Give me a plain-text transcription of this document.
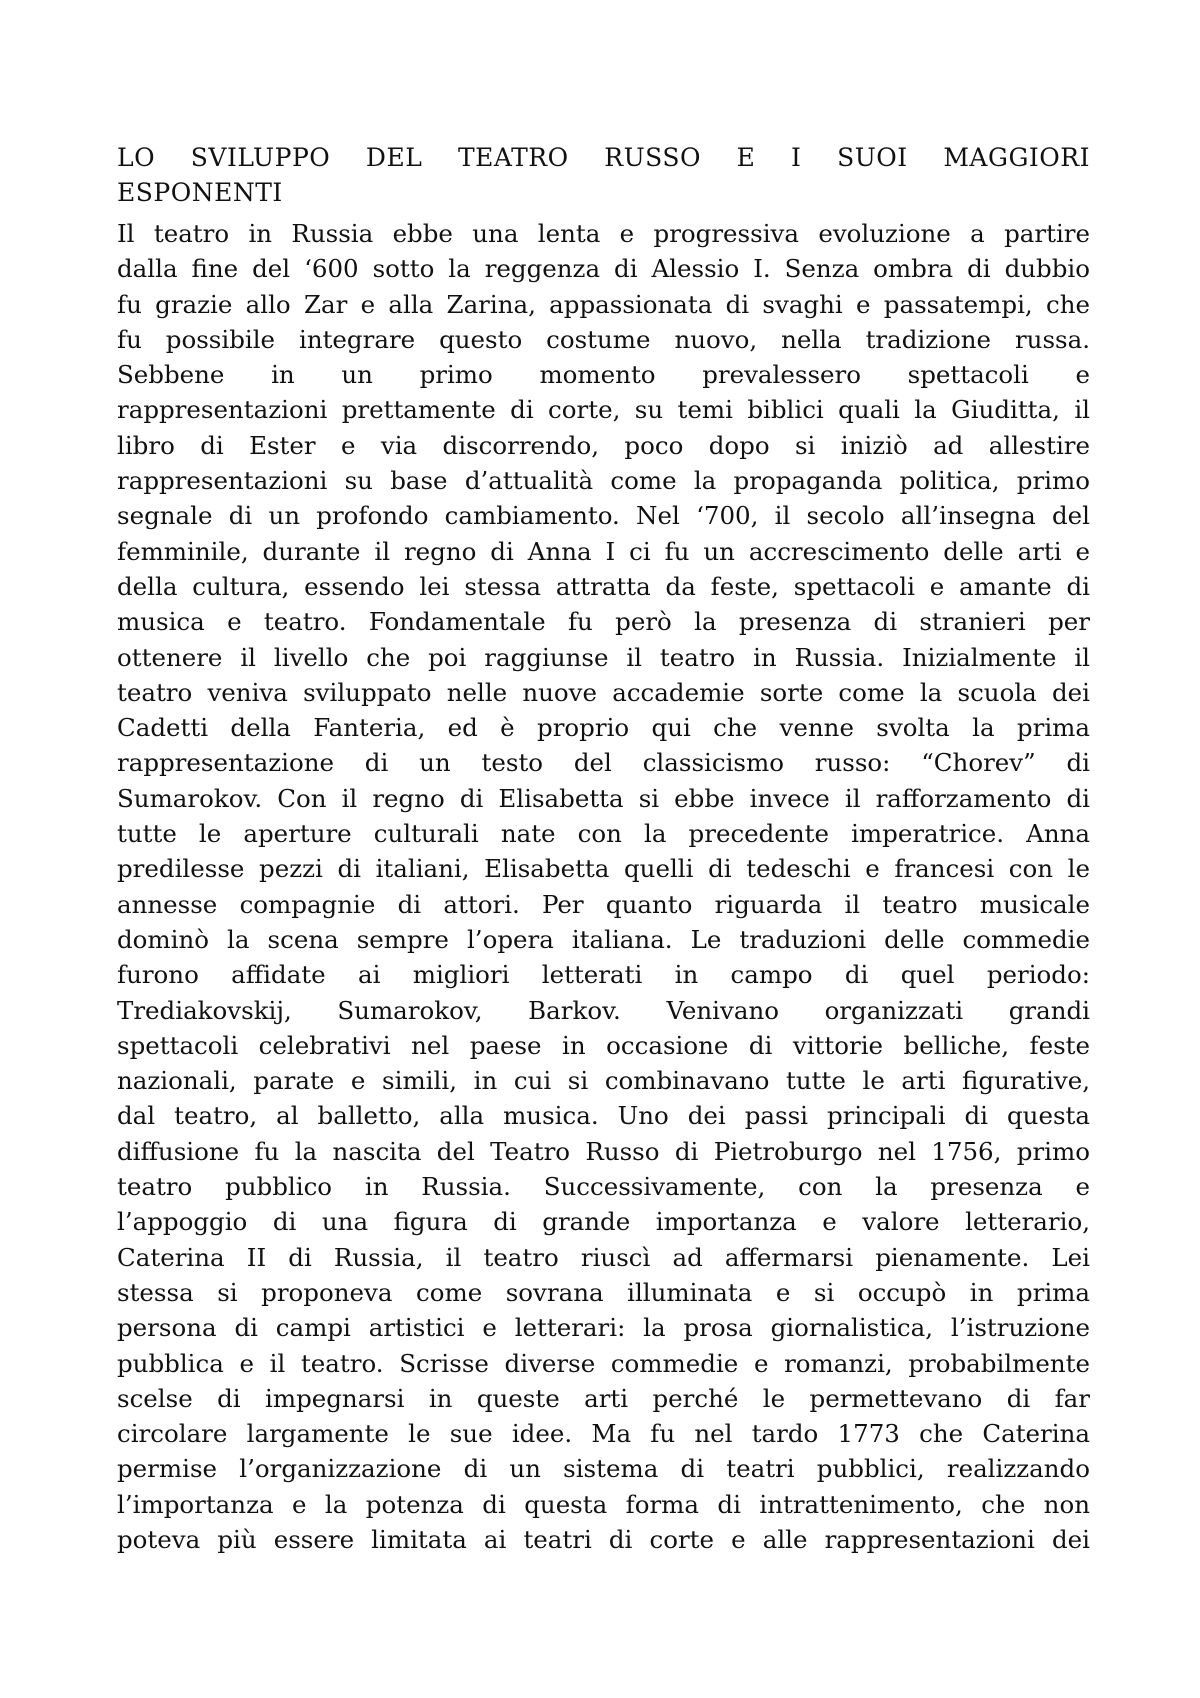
LO SVILUPPO DEL TEATRO RUSSO E I SUOI MAGGIORI
ESPONENTI

Il teatro in Russia ebbe una lenta e progressiva evoluzione a partire
dalla fine del ‘600 sotto la reggenza di Alessio I. Senza ombra di dubbio
fu grazie allo Zar e alla Zarina, appassionata di svaghi e passatempi, che
fu possibile integrare questo costume nuovo, nella tradizione russa.
Sebbene in un primo momento prevalessero spettacoli e
rappresentazioni prettamente di corte, su temi biblici quali la Giuditta, il
libro di Ester e via discorrendo, poco dopo si iniziò ad allestire
rappresentazioni su base d’attualità come la propaganda politica, primo
segnale di un profondo cambiamento. Nel ‘700, il secolo all’insegna del
femminile, durante il regno di Anna I ci fu un accrescimento delle arti e
della cultura, essendo lei stessa attratta da feste, spettacoli e amante di
musica e teatro. Fondamentale fu però la presenza di stranieri per
ottenere il livello che poi raggiunse il teatro in Russia. Inizialmente il
teatro veniva sviluppato nelle nuove accademie sorte come la scuola dei
Cadetti della Fanteria, ed è proprio qui che venne svolta la prima
rappresentazione di un testo del classicismo russo: “Chorev” di
Sumarokov. Con il regno di Elisabetta si ebbe invece il rafforzamento di
tutte le aperture culturali nate con la precedente imperatrice. Anna
predilesse pezzi di italiani, Elisabetta quelli di tedeschi e francesi con le
annesse compagnie di attori. Per quanto riguarda il teatro musicale
dominò la scena sempre l’opera italiana. Le traduzioni delle commedie
furono affidate ai migliori letterati in campo di quel periodo:
Trediakovskij, Sumarokov, Barkov. Venivano organizzati grandi
spettacoli celebrativi nel paese in occasione di vittorie belliche, feste
nazionali, parate e simili, in cui si combinavano tutte le arti figurative,
dal teatro, al balletto, alla musica. Uno dei passi principali di questa
diffusione fu la nascita del Teatro Russo di Pietroburgo nel 1756, primo
teatro pubblico in Russia. Successivamente, con la presenza e
l’appoggio di una figura di grande importanza e valore letterario,
Caterina II di Russia, il teatro riuscì ad affermarsi pienamente. Lei
stessa si proponeva come sovrana illuminata e si occupò in prima
persona di campi artistici e letterari: la prosa giornalistica, l’istruzione
pubblica e il teatro. Scrisse diverse commedie e romanzi, probabilmente
scelse di impegnarsi in queste arti perché le permettevano di far
circolare largamente le sue idee. Ma fu nel tardo 1773 che Caterina
permise l’organizzazione di un sistema di teatri pubblici, realizzando
l’importanza e la potenza di questa forma di intrattenimento, che non
poteva più essere limitata ai teatri di corte e alle rappresentazioni dei
